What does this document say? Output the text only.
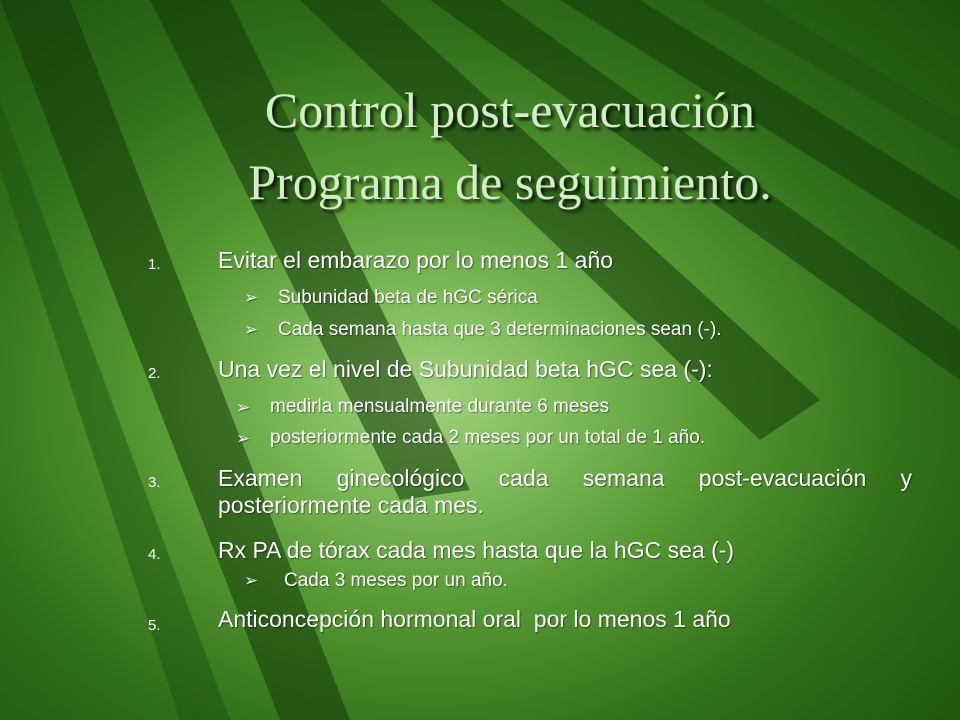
Control post-evacuación
Programa de seguimiento.
1. Evitar el embarazo por lo menos 1 año
➢ Subunidad beta de hGC sérica
➢ Cada semana hasta que 3 determinaciones sean (-).
2. Una vez el nivel de Subunidad beta hGC sea (-):
➢ medirla mensualmente durante 6 meses
➢ posteriormente cada 2 meses por un total de 1 año.
3. Examen ginecológico cada semana post-evacuación y posteriormente cada mes.
4. Rx PA de tórax cada mes hasta que la hGC sea (-)
➢ Cada 3 meses por un año.
5. Anticoncepción hormonal oral  por lo menos 1 año
